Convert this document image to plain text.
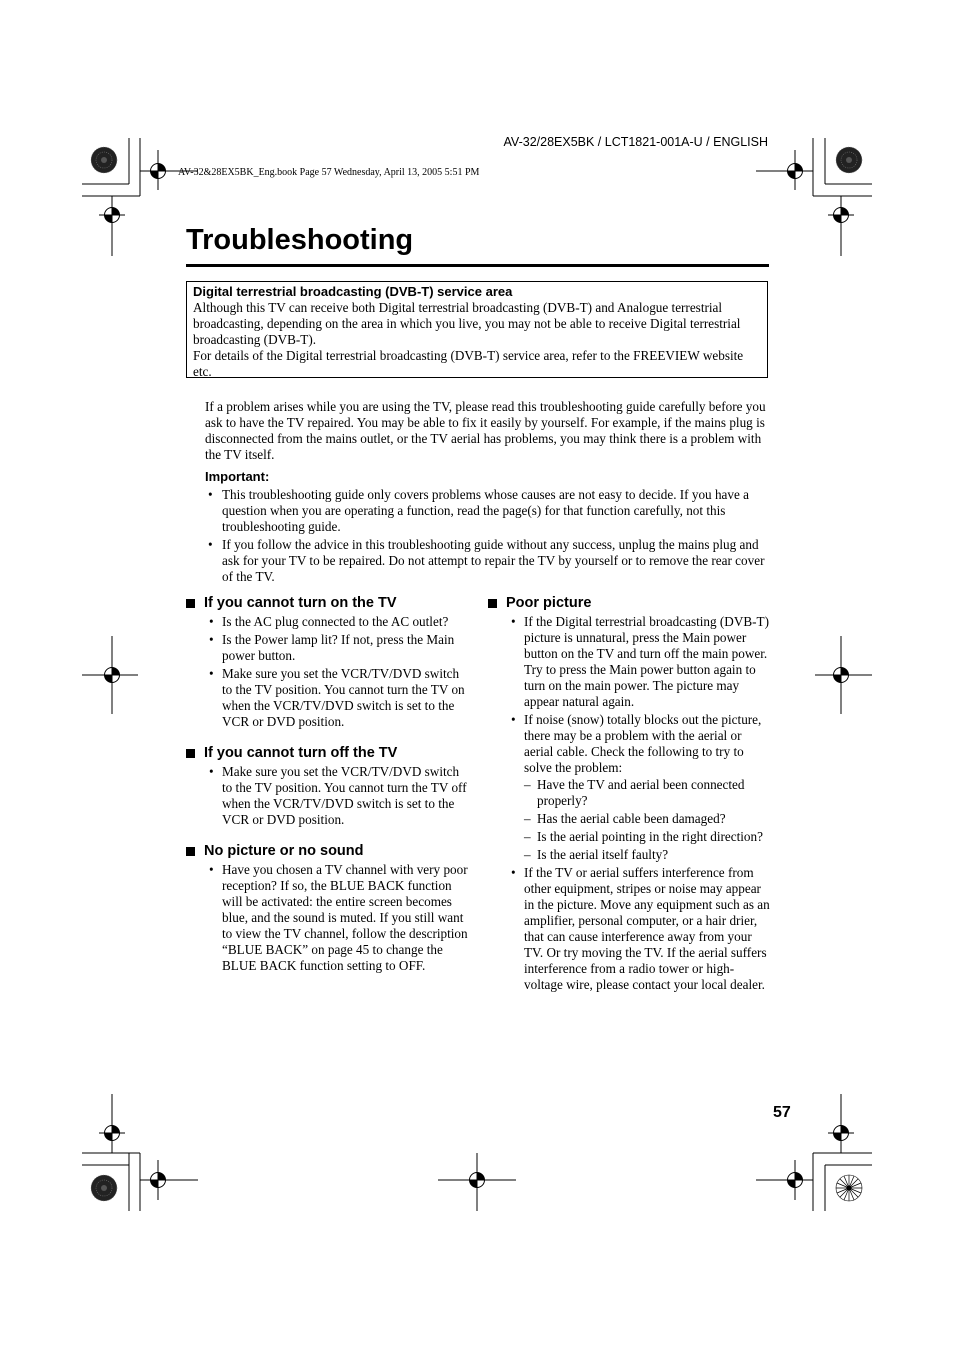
AV-32/28EX5BK / LCT1821-001A-U / ENGLISH
AV-32&28EX5BK_Eng.book Page 57 Wednesday, April 13, 2005 5:51 PM
Troubleshooting
Digital terrestrial broadcasting (DVB-T) service area

Although this TV can receive both Digital terrestrial broadcasting (DVB-T) and Analogue terrestrial broadcasting, depending on the area in which you live, you may not be able to receive Digital terrestrial broadcasting (DVB-T).

For details of the Digital terrestrial broadcasting (DVB-T) service area, refer to the FREEVIEW website etc.

If a problem arises while you are using the TV, please read this troubleshooting guide carefully before you ask to have the TV repaired. You may be able to fix it easily by yourself. For example, if the mains plug is disconnected from the mains outlet, or the TV aerial has problems, you may think there is a problem with the TV itself.

Important:
• This troubleshooting guide only covers problems whose causes are not easy to decide. If you have a question when you are operating a function, read the page(s) for that function carefully, not this troubleshooting guide.
• If you follow the advice in this troubleshooting guide without any success, unplug the mains plug and ask for your TV to be repaired. Do not attempt to repair the TV by yourself or to remove the rear cover of the TV.
If you cannot turn on the TV
• Is the AC plug connected to the AC outlet?
• Is the Power lamp lit? If not, press the Main power button.
• Make sure you set the VCR/TV/DVD switch to the TV position. You cannot turn the TV on when the VCR/TV/DVD switch is set to the VCR or DVD position.
If you cannot turn off the TV
• Make sure you set the VCR/TV/DVD switch to the TV position. You cannot turn the TV off when the VCR/TV/DVD switch is set to the VCR or DVD position.
No picture or no sound
• Have you chosen a TV channel with very poor reception? If so, the BLUE BACK function will be activated: the entire screen becomes blue, and the sound is muted. If you still want to view the TV channel, follow the description “BLUE BACK” on page 45 to change the BLUE BACK function setting to OFF.
Poor picture
• If the Digital terrestrial broadcasting (DVB-T) picture is unnatural, press the Main power button on the TV and turn off the main power. Try to press the Main power button again to turn on the main power. The picture may appear natural again.
• If noise (snow) totally blocks out the picture, there may be a problem with the aerial or aerial cable. Check the following to try to solve the problem:
– Have the TV and aerial been connected properly?
– Has the aerial cable been damaged?
– Is the aerial pointing in the right direction?
– Is the aerial itself faulty?
• If the TV or aerial suffers interference from other equipment, stripes or noise may appear in the picture. Move any equipment such as an amplifier, personal computer, or a hair drier, that can cause interference away from your TV. Or try moving the TV. If the aerial suffers interference from a radio tower or high-voltage wire, please contact your local dealer.
57
